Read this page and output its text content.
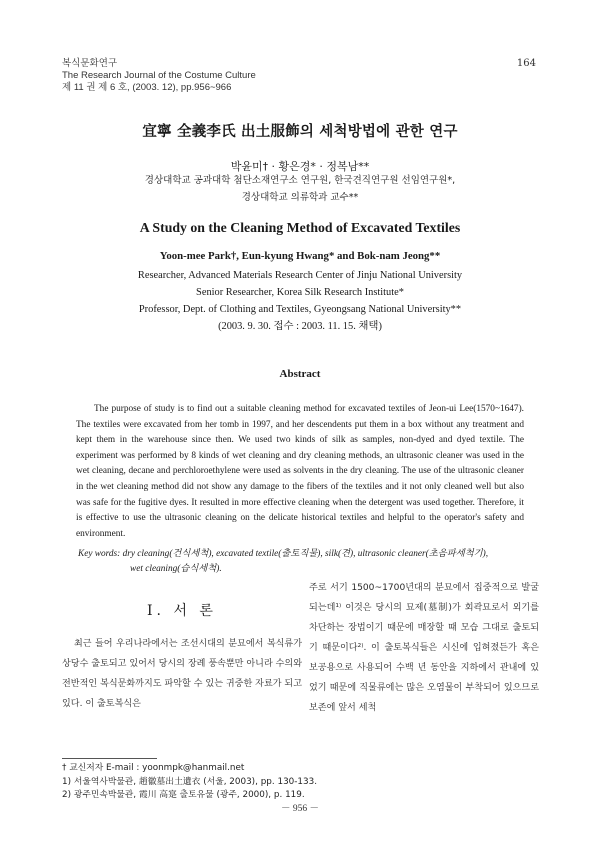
복식문화연구
The Research Journal of the Costume Culture
제 11 권 제 6 호, (2003. 12), pp.956~966
164
宜寧 全義李氏 出土服飾의 세척방법에 관한 연구
박윤미† · 황은경* · 정복남**
경상대학교 공과대학 첨단소재연구소 연구원, 한국견직연구원 선임연구원*,
경상대학교 의류학과 교수**
A Study on the Cleaning Method of Excavated Textiles
Yoon-mee Park†, Eun-kyung Hwang* and Bok-nam Jeong**
Researcher, Advanced Materials Research Center of Jinju National University
Senior Researcher, Korea Silk Research Institute*
Professor, Dept. of Clothing and Textiles, Gyeongsang National University**
(2003. 9. 30. 접수 : 2003. 11. 15. 채택)
Abstract
The purpose of study is to find out a suitable cleaning method for excavated textiles of Jeon-ui Lee(1570~1647). The textiles were excavated from her tomb in 1997, and her descendents put them in a box without any treatment and kept them in the warehouse since then. We used two kinds of silk as samples, non-dyed and dyed textile. The experiment was performed by 8 kinds of wet cleaning and dry cleaning methods, an ultrasonic cleaner was used in the wet cleaning, decane and perchloroethylene were used as solvents in the dry cleaning. The use of the ultrasonic cleaner in the wet cleaning method did not show any damage to the fibers of the textiles and it not only cleaned well but also was safe for the fugitive dyes. It resulted in more effective cleaning when the detergent was used together. Therefore, it is effective to use the ultrasonic cleaning on the delicate historical textiles and helpful to the operator's safety and environment.
Key words: dry cleaning(건식세척), excavated textile(출토직물), silk(견), ultrasonic cleaner(초음파세척기),
wet cleaning(습식세척).
Ⅰ. 서 론
최근 들어 우리나라에서는 조선시대의 분묘에서 복식류가 상당수 출토되고 있어서 당시의 장례 풍속뿐만 아니라 수의와 전반적인 복식문화까지도 파악할 수 있는 귀중한 자료가 되고 있다. 이 출토복식은
주로 서기 1500~1700년대의 분묘에서 집중적으로 발굴되는데¹⁾ 이것은 당시의 묘제(墓制)가 회곽묘로서 외기를 차단하는 장법이기 때문에 매장할 때 모습 그대로 출토되기 때문이다²⁾. 이 출토복식들은 시신에 입혀졌든가 혹은 보공용으로 사용되어 수백 년 동안을 지하에서 관내에 있었기 때문에 직물류에는 많은 오염물이 부착되어 있으므로 보존에 앞서 세척
† 교신저자 E-mail : yoonmpk@hanmail.net
1) 서울역사박물관, 趙徽墓出土遺衣 (서울, 2003), pp. 130-133.
2) 광주민속박물관, 霞川 高寔 출토유물 (광주, 2000), p. 119.
－ 956 －
